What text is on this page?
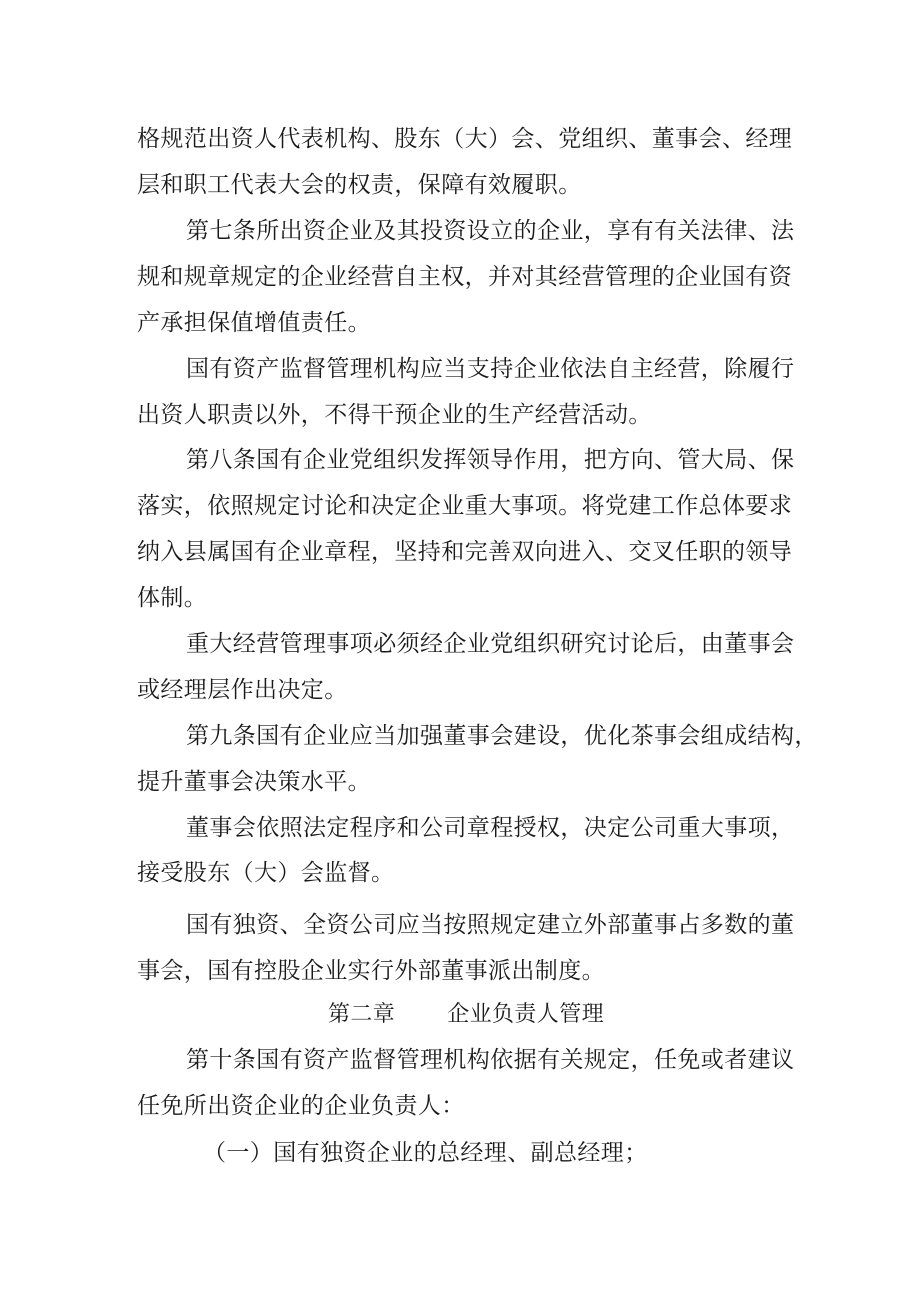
格规范出资人代表机构、股东（大）会、党组织、董事会、经理
层和职工代表大会的权责，保障有效履职。
第七条所出资企业及其投资设立的企业，享有有关法律、法
规和规章规定的企业经营自主权，并对其经营管理的企业国有资
产承担保值增值责任。
国有资产监督管理机构应当支持企业依法自主经营，除履行
出资人职责以外，不得干预企业的生产经营活动。
第八条国有企业党组织发挥领导作用，把方向、管大局、保
落实，依照规定讨论和决定企业重大事项。将党建工作总体要求
纳入县属国有企业章程，坚持和完善双向进入、交叉任职的领导
体制。
重大经营管理事项必须经企业党组织研究讨论后，由董事会
或经理层作出决定。
第九条国有企业应当加强董事会建设，优化茶事会组成结构，
提升董事会决策水平。
董事会依照法定程序和公司章程授权，决定公司重大事项，
接受股东（大）会监督。
国有独资、全资公司应当按照规定建立外部董事占多数的董
事会，国有控股企业实行外部董事派出制度。
第二章 企业负责人管理
第十条国有资产监督管理机构依据有关规定，任免或者建议
任免所出资企业的企业负责人：
（一）国有独资企业的总经理、副总经理；
